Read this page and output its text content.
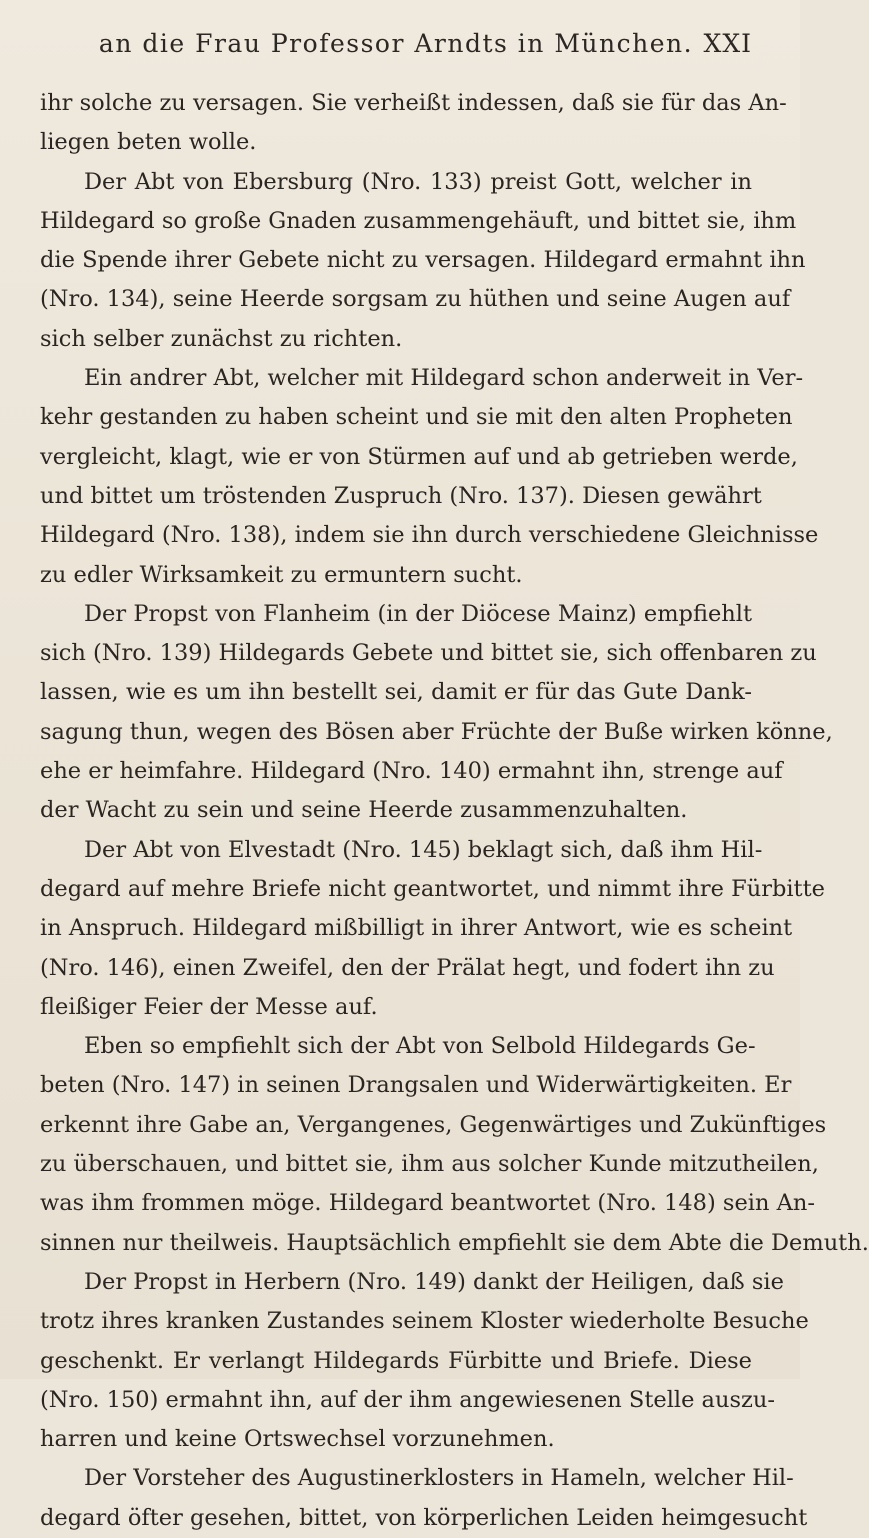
an die Frau Professor Arndts in München. XXI

ihr solche zu versagen. Sie verheißt indessen, daß sie für das An-
liegen beten wolle.

Der Abt von Ebersburg (Nro. 133) preist Gott, welcher in
Hildegard so große Gnaden zusammengehäuft, und bittet sie, ihm
die Spende ihrer Gebete nicht zu versagen. Hildegard ermahnt ihn
(Nro. 134), seine Heerde sorgsam zu hüthen und seine Augen auf
sich selber zunächst zu richten.

Ein andrer Abt, welcher mit Hildegard schon anderweit in Ver-
kehr gestanden zu haben scheint und sie mit den alten Propheten
vergleicht, klagt, wie er von Stürmen auf und ab getrieben werde,
und bittet um tröstenden Zuspruch (Nro. 137). Diesen gewährt
Hildegard (Nro. 138), indem sie ihn durch verschiedene Gleichnisse
zu edler Wirksamkeit zu ermuntern sucht.

Der Propst von Flanheim (in der Diöcese Mainz) empfiehlt
sich (Nro. 139) Hildegards Gebete und bittet sie, sich offenbaren zu
lassen, wie es um ihn bestellt sei, damit er für das Gute Dank-
sagung thun, wegen des Bösen aber Früchte der Buße wirken könne,
ehe er heimfahre. Hildegard (Nro. 140) ermahnt ihn, strenge auf
der Wacht zu sein und seine Heerde zusammenzuhalten.

Der Abt von Elvestadt (Nro. 145) beklagt sich, daß ihm Hil-
degard auf mehre Briefe nicht geantwortet, und nimmt ihre Fürbitte
in Anspruch. Hildegard mißbilligt in ihrer Antwort, wie es scheint
(Nro. 146), einen Zweifel, den der Prälat hegt, und fodert ihn zu
fleißiger Feier der Messe auf.

Eben so empfiehlt sich der Abt von Selbold Hildegards Ge-
beten (Nro. 147) in seinen Drangsalen und Widerwärtigkeiten. Er
erkennt ihre Gabe an, Vergangenes, Gegenwärtiges und Zukünftiges
zu überschauen, und bittet sie, ihm aus solcher Kunde mitzutheilen,
was ihm frommen möge. Hildegard beantwortet (Nro. 148) sein An-
sinnen nur theilweis. Hauptsächlich empfiehlt sie dem Abte die Demuth.

Der Propst in Herbern (Nro. 149) dankt der Heiligen, daß sie
trotz ihres kranken Zustandes seinem Kloster wiederholte Besuche
geschenkt. Er verlangt Hildegards Fürbitte und Briefe. Diese
(Nro. 150) ermahnt ihn, auf der ihm angewiesenen Stelle auszu-
harren und keine Ortswechsel vorzunehmen.

Der Vorsteher des Augustinerklosters in Hameln, welcher Hil-
degard öfter gesehen, bittet, von körperlichen Leiden heimgesucht
